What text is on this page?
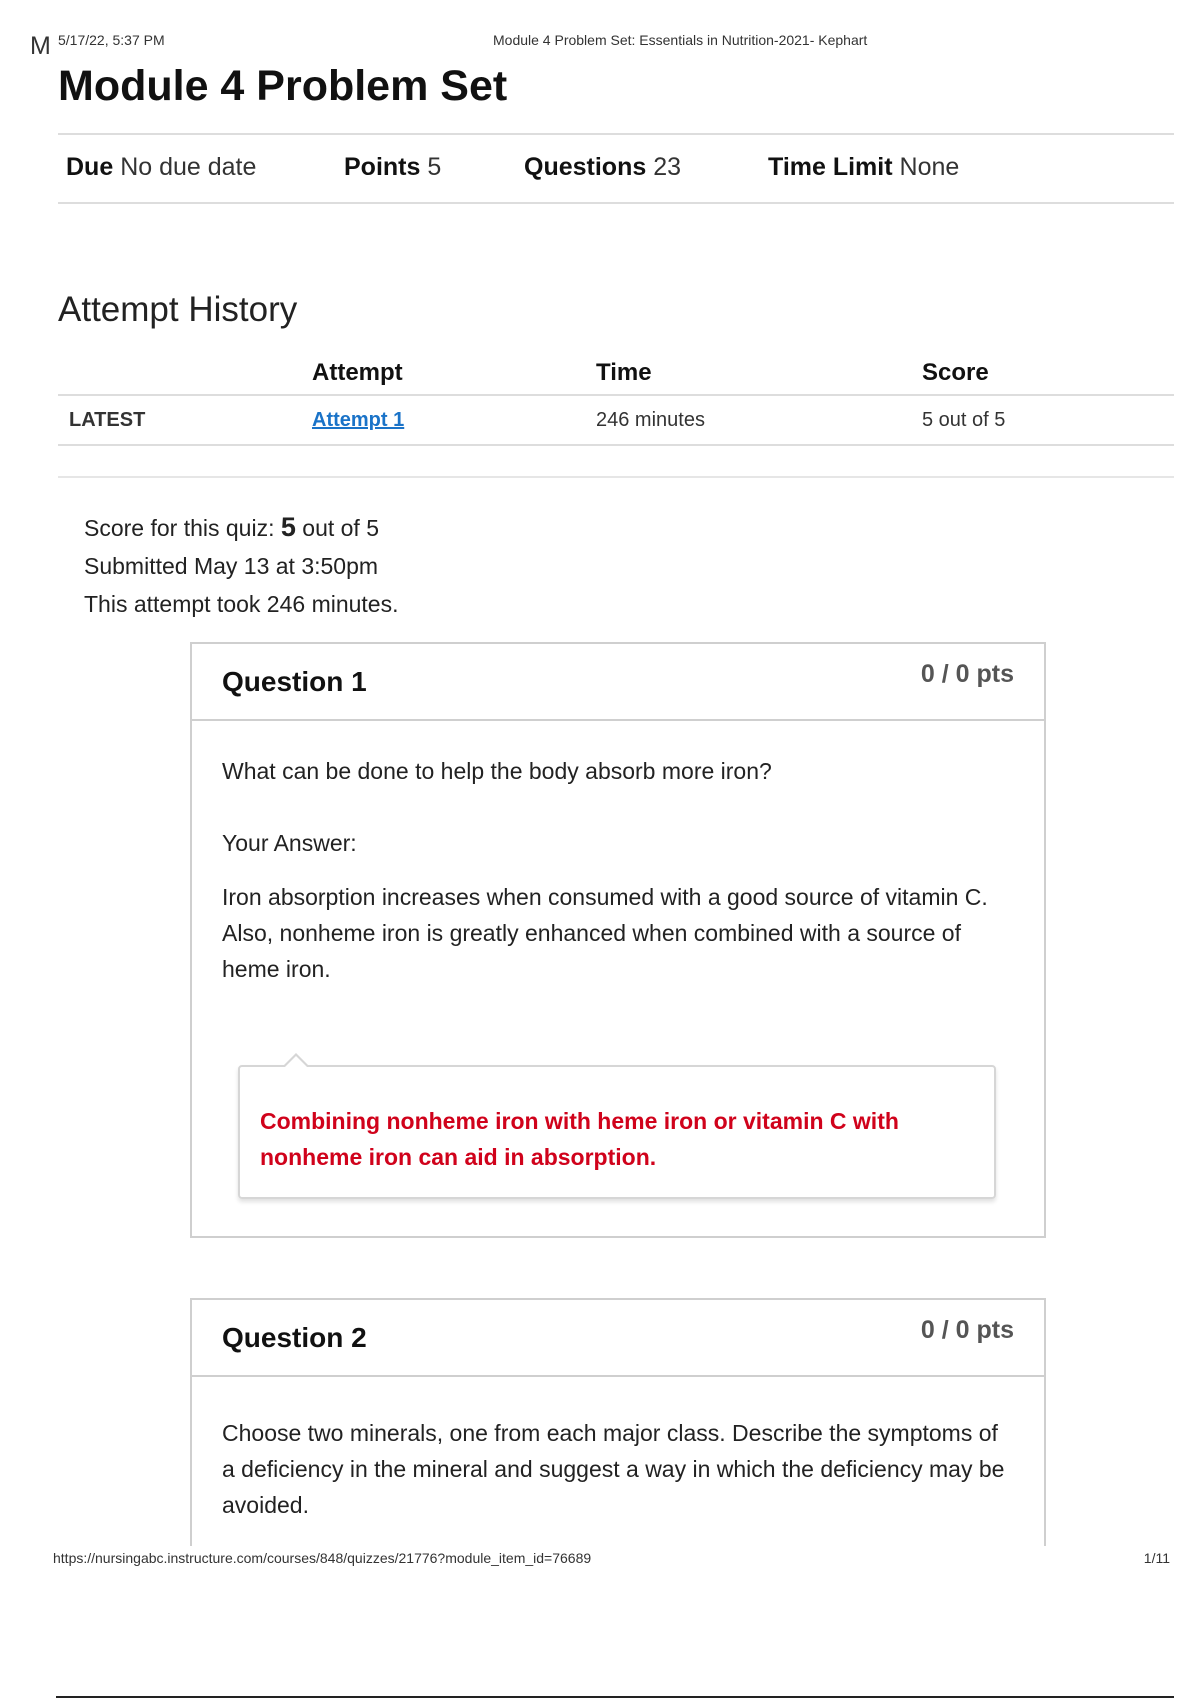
M 5/17/22, 5:37 PM	Module 4 Problem Set: Essentials in Nutrition-2021- Kephart
Module 4 Problem Set
Due No due date	Points 5	Questions 23	Time Limit None
Attempt History
	Attempt	Time	Score
LATEST	Attempt 1	246 minutes	5 out of 5
Score for this quiz: 5 out of 5
Submitted May 13 at 3:50pm
This attempt took 246 minutes.
Question 1	0 / 0 pts

What can be done to help the body absorb more iron?

Your Answer:

Iron absorption increases when consumed with a good source of vitamin C. Also, nonheme iron is greatly enhanced when combined with a source of heme iron.

Combining nonheme iron with heme iron or vitamin C with nonheme iron can aid in absorption.

Question 2	0 / 0 pts

Choose two minerals, one from each major class. Describe the symptoms of a deficiency in the mineral and suggest a way in which the deficiency may be avoided.

https://nursingabc.instructure.com/courses/848/quizzes/21776?module_item_id=76689	1/11
